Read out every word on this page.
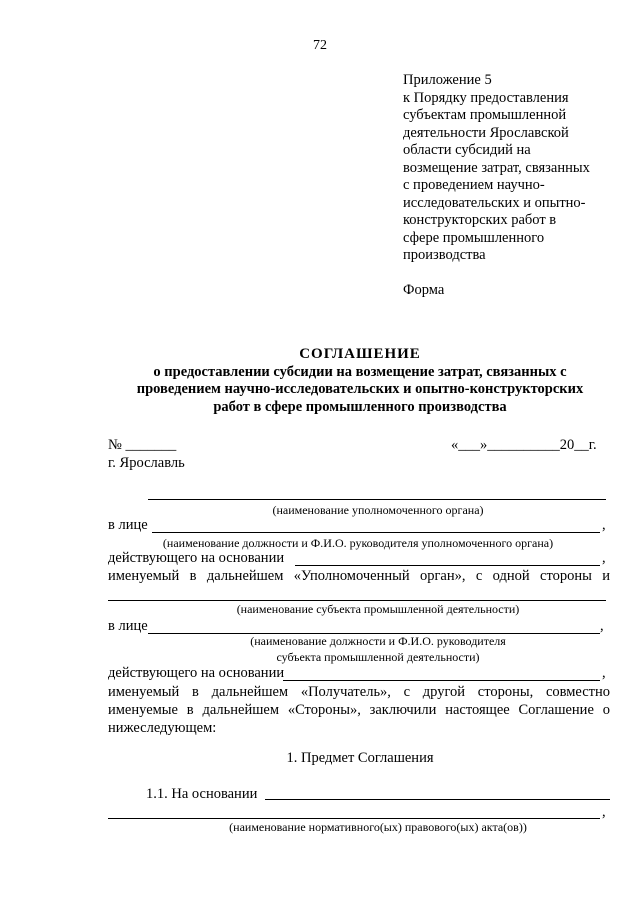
72
Приложение 5
к Порядку предоставления
субъектам промышленной
деятельности Ярославской
области субсидий на
возмещение затрат, связанных
с проведением научно-
исследовательских и опытно-
конструкторских работ в
сфере промышленного
производства
Форма
СОГЛАШЕНИЕ
о предоставлении субсидии на возмещение затрат, связанных с
проведением научно-исследовательских и опытно-конструкторских
работ в сфере промышленного производства
№ _______	«___»__________20__г.
г. Ярославль
(наименование уполномоченного органа)
в лице	,
(наименование должности и Ф.И.О. руководителя уполномоченного органа)
действующего на основании	,
именуемый в дальнейшем «Уполномоченный орган», с одной стороны и
(наименование субъекта промышленной деятельности)
в лице	,
(наименование должности и Ф.И.О. руководителя
субъекта промышленной деятельности)
действующего на основании	,
именуемый в дальнейшем «Получатель», с другой стороны, совместно
именуемые в дальнейшем «Стороны», заключили настоящее Соглашение о
нижеследующем:
1. Предмет Соглашения
1.1. На основании
,
(наименование нормативного(ых) правового(ых) акта(ов))
